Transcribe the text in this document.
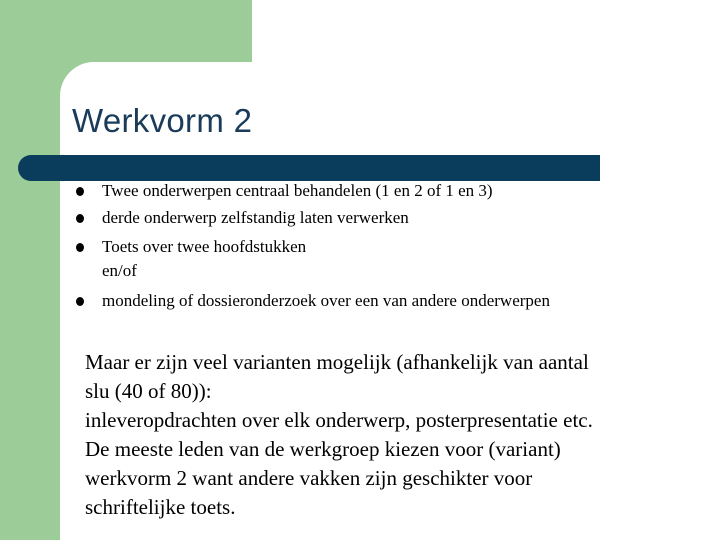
Werkvorm 2
Twee onderwerpen centraal behandelen (1 en 2 of 1 en 3)
derde onderwerp zelfstandig laten verwerken
Toets over twee hoofdstukken
mondeling of dossieronderzoek over een van andere onderwerpen
en/of
Maar er zijn veel varianten mogelijk (afhankelijk van aantal
slu (40 of 80)):
inleveropdrachten over elk onderwerp, posterpresentatie etc.
De meeste leden van de werkgroep kiezen voor (variant)
werkvorm 2 want andere vakken zijn geschikter voor
schriftelijke toets.
